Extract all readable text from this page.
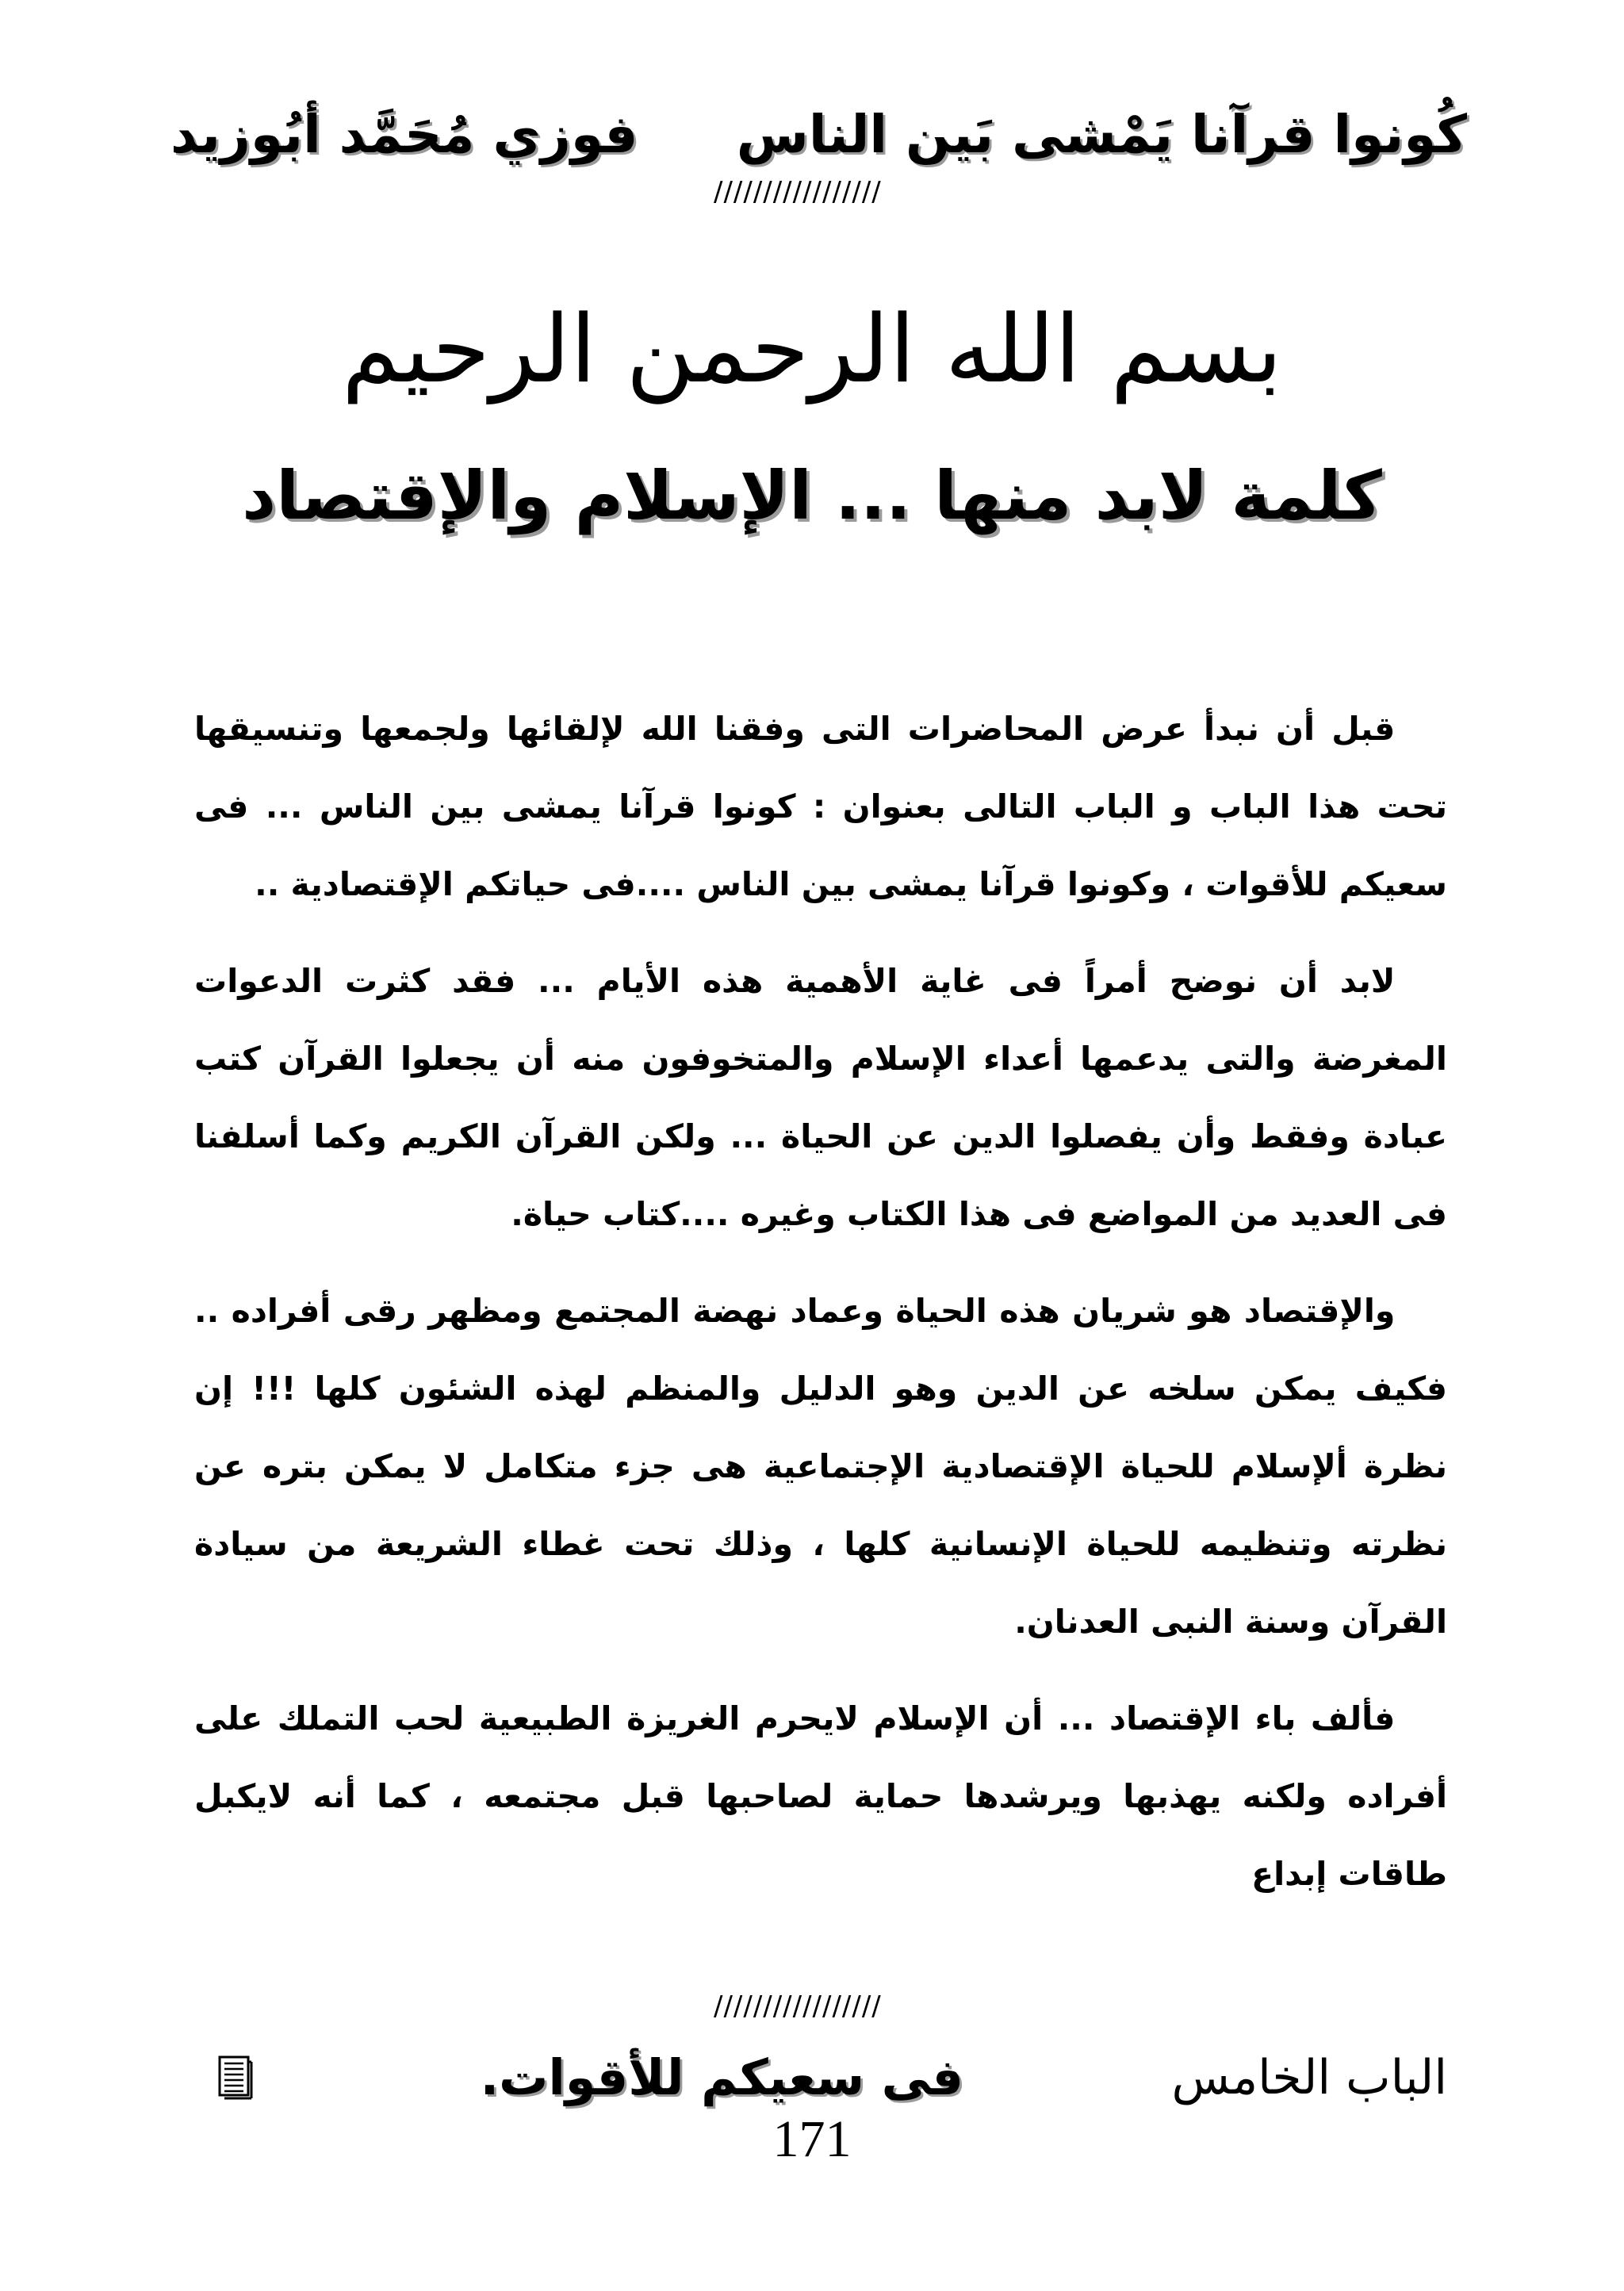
كُونوا قرآنا يَمْشى بَين الناس
فوزي مُحَمَّد أبُوزيد
/////////////////
بسم الله الرحمن الرحيم
كلمة لابد منها ... الإسلام والإقتصاد

قبل أن نبدأ عرض المحاضرات التى وفقنا الله لإلقائها ولجمعها وتنسيقها تحت هذا الباب و الباب التالى بعنوان : كونوا قرآنا يمشى بين الناس ... فى سعيكم للأقوات ، وكونوا قرآنا يمشى بين الناس ....فى حياتكم الإقتصادية ..

لابد أن نوضح أمراً فى غاية الأهمية هذه الأيام ... فقد كثرت الدعوات المغرضة والتى يدعمها أعداء الإسلام والمتخوفون منه أن يجعلوا القرآن كتب عبادة وفقط وأن يفصلوا الدين عن الحياة ... ولكن القرآن الكريم وكما أسلفنا فى العديد من المواضع فى هذا الكتاب وغيره ....كتاب حياة.

والإقتصاد هو شريان هذه الحياة وعماد نهضة المجتمع ومظهر رقى أفراده .. فكيف يمكن سلخه عن الدين وهو الدليل والمنظم لهذه الشئون كلها !!! إن نظرة ألإسلام للحياة الإقتصادية الإجتماعية هى جزء متكامل لا يمكن بتره عن نظرته وتنظيمه للحياة الإنسانية كلها ، وذلك تحت غطاء الشريعة من سيادة القرآن وسنة النبى العدنان.

فألف باء الإقتصاد ... أن الإسلام لايحرم الغريزة الطبيعية لحب التملك على أفراده ولكنه يهذبها ويرشدها حماية لصاحبها قبل مجتمعه ، كما أنه لايكبل طاقات إبداع

/////////////////
الباب الخامس
فى سعيكم للأقوات.
171
